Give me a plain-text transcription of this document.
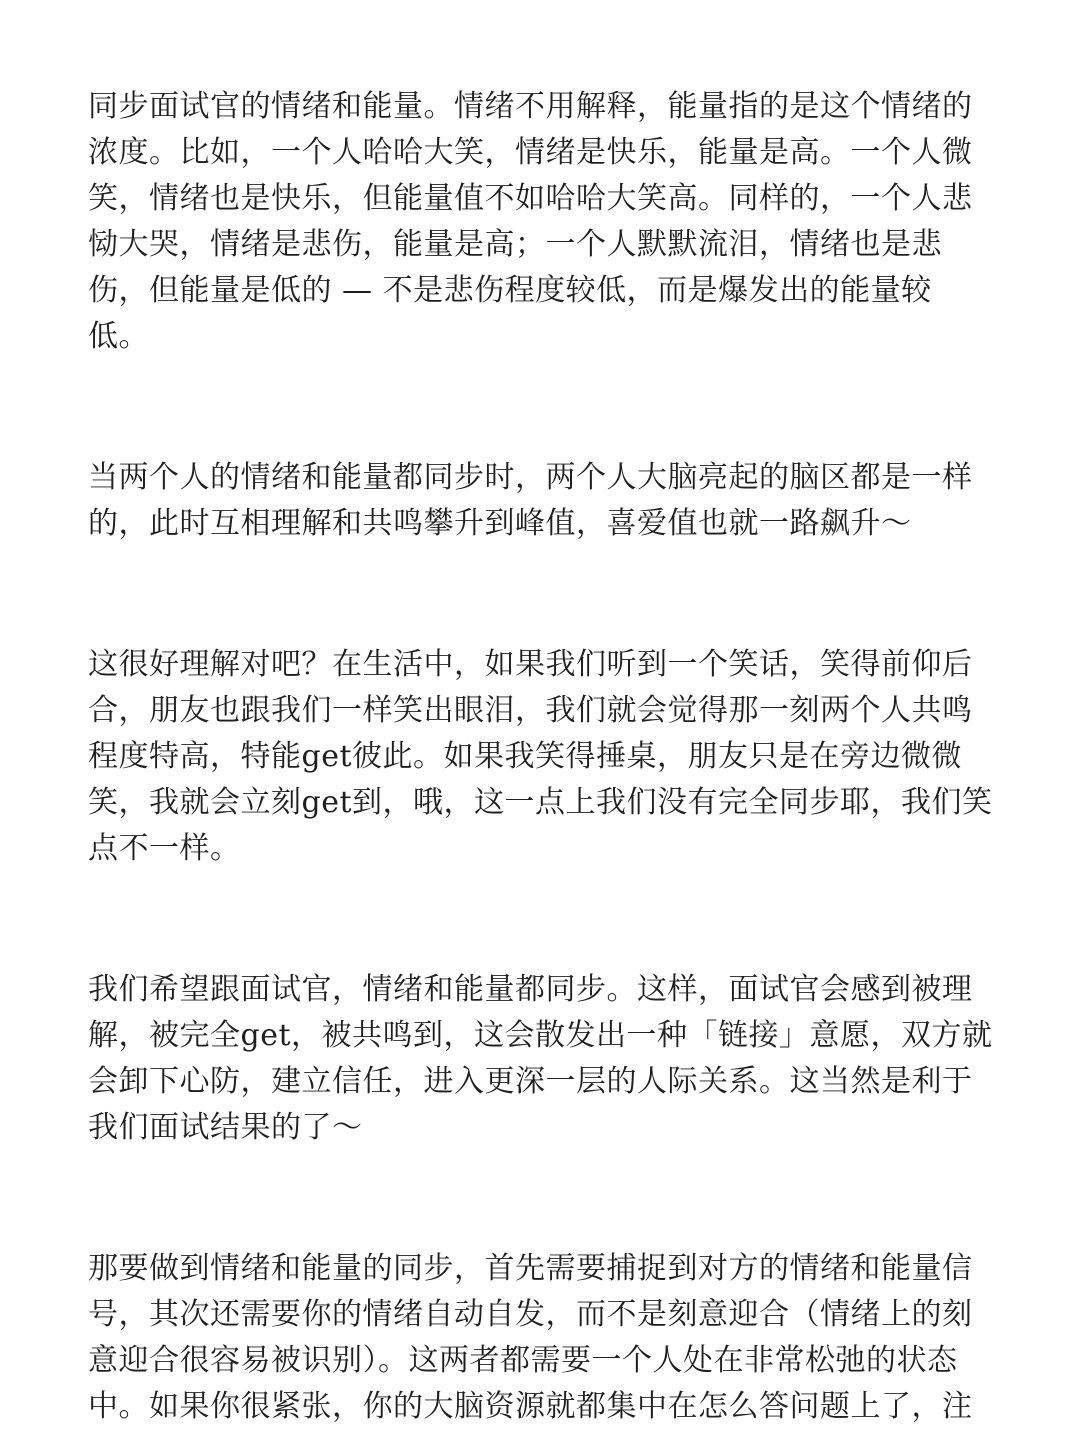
同步面试官的情绪和能量。情绪不用解释，能量指的是这个情绪的
浓度。比如，一个人哈哈大笑，情绪是快乐，能量是高。一个人微
笑，情绪也是快乐，但能量值不如哈哈大笑高。同样的，一个人悲
恸大哭，情绪是悲伤，能量是高；一个人默默流泪，情绪也是悲
伤，但能量是低的 — 不是悲伤程度较低，而是爆发出的能量较
低。

当两个人的情绪和能量都同步时，两个人大脑亮起的脑区都是一样
的，此时互相理解和共鸣攀升到峰值，喜爱值也就一路飙升～

这很好理解对吧？在生活中，如果我们听到一个笑话，笑得前仰后
合，朋友也跟我们一样笑出眼泪，我们就会觉得那一刻两个人共鸣
程度特高，特能get彼此。如果我笑得捶桌，朋友只是在旁边微微
笑，我就会立刻get到，哦，这一点上我们没有完全同步耶，我们笑
点不一样。

我们希望跟面试官，情绪和能量都同步。这样，面试官会感到被理
解，被完全get，被共鸣到，这会散发出一种「链接」意愿，双方就
会卸下心防，建立信任，进入更深一层的人际关系。这当然是利于
我们面试结果的了～

那要做到情绪和能量的同步，首先需要捕捉到对方的情绪和能量信
号，其次还需要你的情绪自动自发，而不是刻意迎合（情绪上的刻
意迎合很容易被识别）。这两者都需要一个人处在非常松弛的状态
中。如果你很紧张，你的大脑资源就都集中在怎么答问题上了，注
